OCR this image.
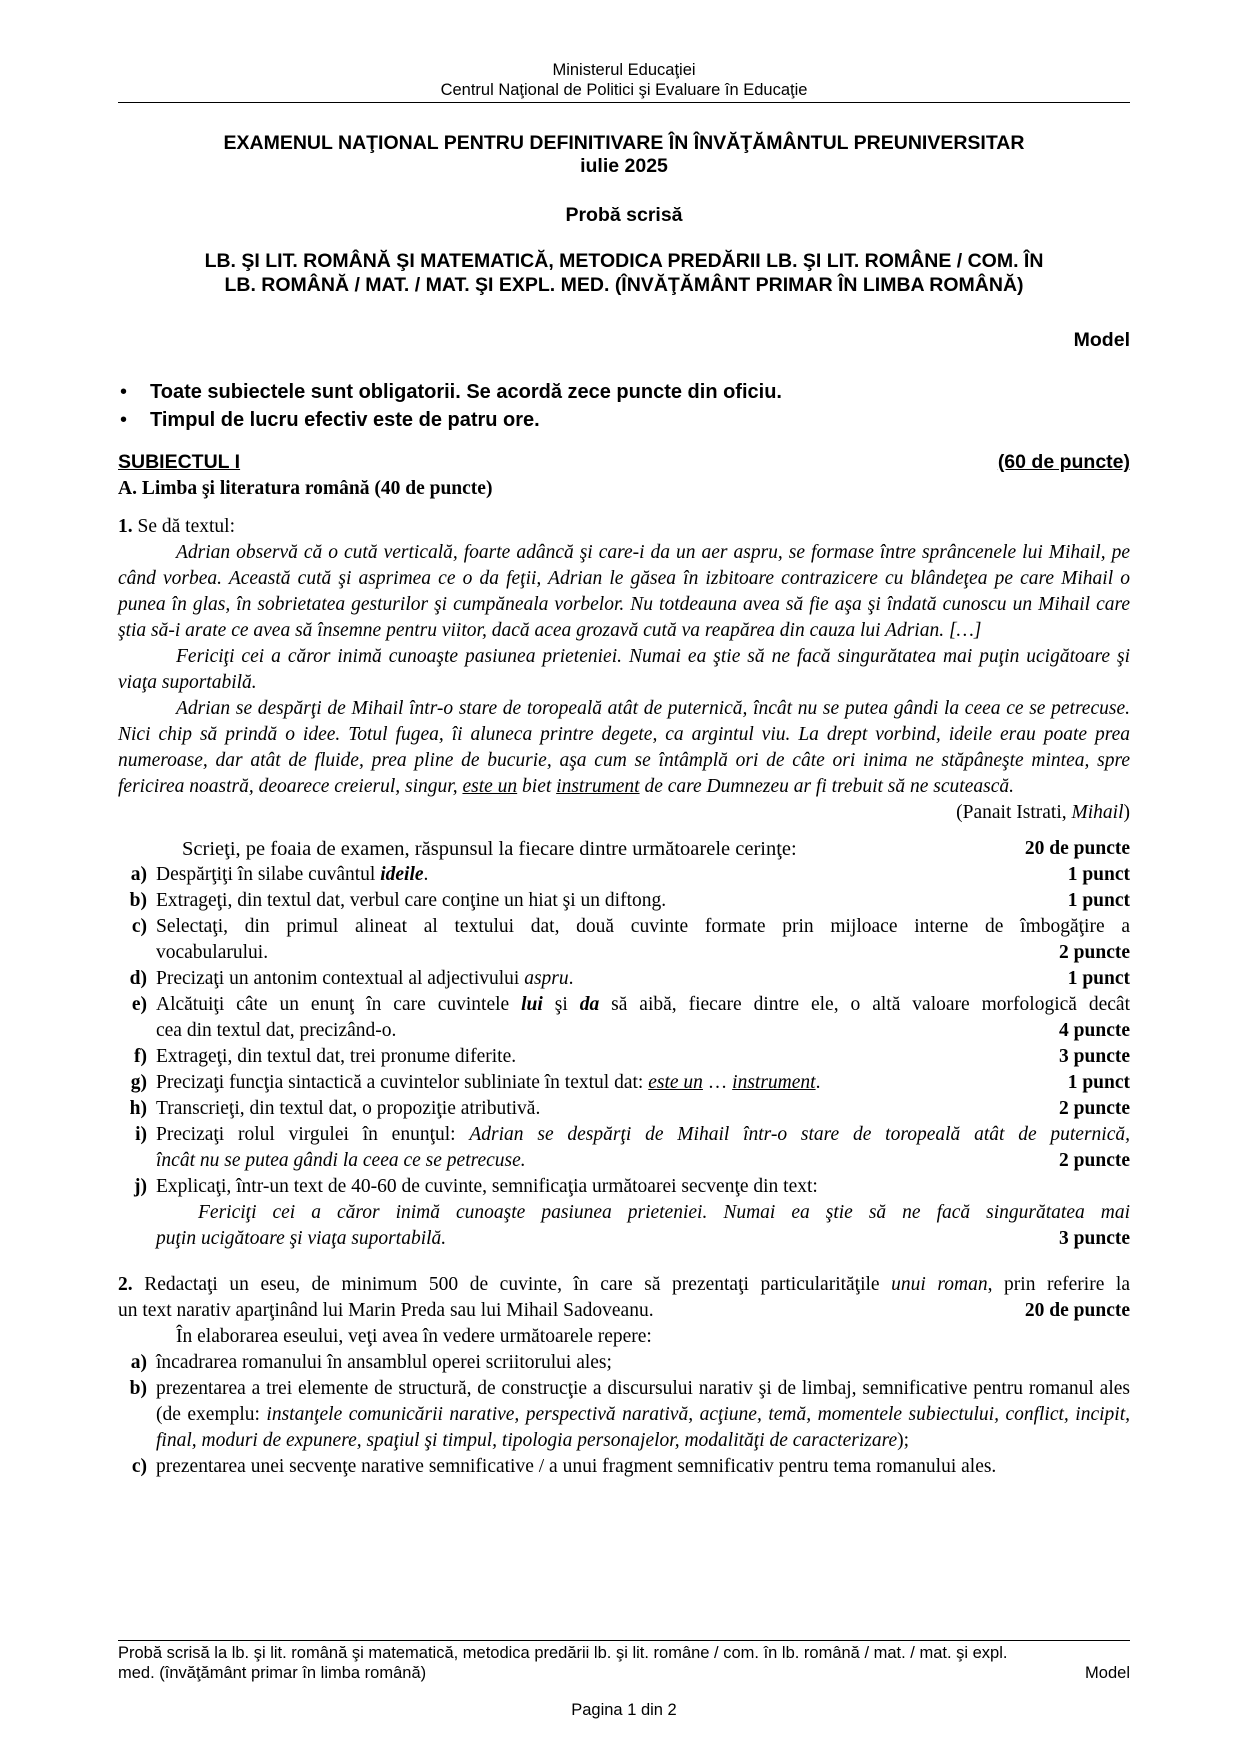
Ministerul Educaţiei
Centrul Naţional de Politici şi Evaluare în Educaţie
EXAMENUL NAŢIONAL PENTRU DEFINITIVARE ÎN ÎNVĂŢĂMÂNTUL PREUNIVERSITAR
iulie 2025
Probă scrisă
LB. ŞI LIT. ROMÂNĂ ŞI MATEMATICĂ, METODICA PREDĂRII LB. ŞI LIT. ROMÂNE / COM. ÎN
LB. ROMÂNĂ / MAT. / MAT. ŞI EXPL. MED. (ÎNVĂŢĂMÂNT PRIMAR ÎN LIMBA ROMÂNĂ)
Model
• Toate subiectele sunt obligatorii. Se acordă zece puncte din oficiu.
• Timpul de lucru efectiv este de patru ore.
SUBIECTUL I	(60 de puncte)
A. Limba şi literatura română (40 de puncte)

1. Se dă textul:

Adrian observă că o cută verticală, foarte adâncă şi care-i da un aer aspru, se formase între sprâncenele lui Mihail, pe când vorbea. Această cută şi asprimea ce o da feţii, Adrian le găsea în izbitoare contrazicere cu blândeţea pe care Mihail o punea în glas, în sobrietatea gesturilor şi cumpăneala vorbelor. Nu totdeauna avea să fie aşa şi îndată cunoscu un Mihail care ştia să-i arate ce avea să însemne pentru viitor, dacă acea grozavă cută va reapărea din cauza lui Adrian. […]

Fericiţi cei a căror inimă cunoaşte pasiunea prieteniei. Numai ea ştie să ne facă singurătatea mai puţin ucigătoare şi viaţa suportabilă.

Adrian se despărţi de Mihail într-o stare de toropeală atât de puternică, încât nu se putea gândi la ceea ce se petrecuse. Nici chip să prindă o idee. Totul fugea, îi aluneca printre degete, ca argintul viu. La drept vorbind, ideile erau poate prea numeroase, dar atât de fluide, prea pline de bucurie, aşa cum se întâmplă ori de câte ori inima ne stăpâneşte mintea, spre fericirea noastră, deoarece creierul, singur, este un biet instrument de care Dumnezeu ar fi trebuit să ne scutească.

(Panait Istrati, Mihail)

Scrieţi, pe foaia de examen, răspunsul la fiecare dintre următoarele cerinţe:	20 de puncte
a) Despărţiţi în silabe cuvântul ideile.	1 punct
b) Extrageţi, din textul dat, verbul care conţine un hiat şi un diftong.	1 punct
c) Selectaţi, din primul alineat al textului dat, două cuvinte formate prin mijloace interne de îmbogăţire a
vocabularului.	2 puncte
d) Precizaţi un antonim contextual al adjectivului aspru.	1 punct
e) Alcătuiţi câte un enunţ în care cuvintele lui şi da să aibă, fiecare dintre ele, o altă valoare morfologică decât
cea din textul dat, precizând-o.	4 puncte
f) Extrageţi, din textul dat, trei pronume diferite.	3 puncte
g) Precizaţi funcţia sintactică a cuvintelor subliniate în textul dat: este un … instrument.	1 punct
h) Transcrieţi, din textul dat, o propoziţie atributivă.	2 puncte
i) Precizaţi rolul virgulei în enunţul: Adrian se despărţi de Mihail într-o stare de toropeală atât de puternică,
încât nu se putea gândi la ceea ce se petrecuse.	2 puncte
j) Explicaţi, într-un text de 40-60 de cuvinte, semnificaţia următoarei secvenţe din text:
Fericiţi cei a căror inimă cunoaşte pasiunea prieteniei. Numai ea ştie să ne facă singurătatea mai
puţin ucigătoare şi viaţa suportabilă.	3 puncte
2. Redactaţi un eseu, de minimum 500 de cuvinte, în care să prezentaţi particularităţile unui roman, prin referire la
un text narativ aparţinând lui Marin Preda sau lui Mihail Sadoveanu.	20 de puncte
În elaborarea eseului, veţi avea în vedere următoarele repere:
a) încadrarea romanului în ansamblul operei scriitorului ales;
b) prezentarea a trei elemente de structură, de construcţie a discursului narativ şi de limbaj, semnificative pentru romanul ales (de exemplu: instanţele comunicării narative, perspectivă narativă, acţiune, temă, momentele subiectului, conflict, incipit, final, moduri de expunere, spaţiul şi timpul, tipologia personajelor, modalităţi de caracterizare);
c) prezentarea unei secvenţe narative semnificative / a unui fragment semnificativ pentru tema romanului ales.
Probă scrisă la lb. şi lit. română şi matematică, metodica predării lb. şi lit. române / com. în lb. română / mat. / mat. şi expl.
med. (învăţământ primar în limba română)	Model
Pagina 1 din 2
